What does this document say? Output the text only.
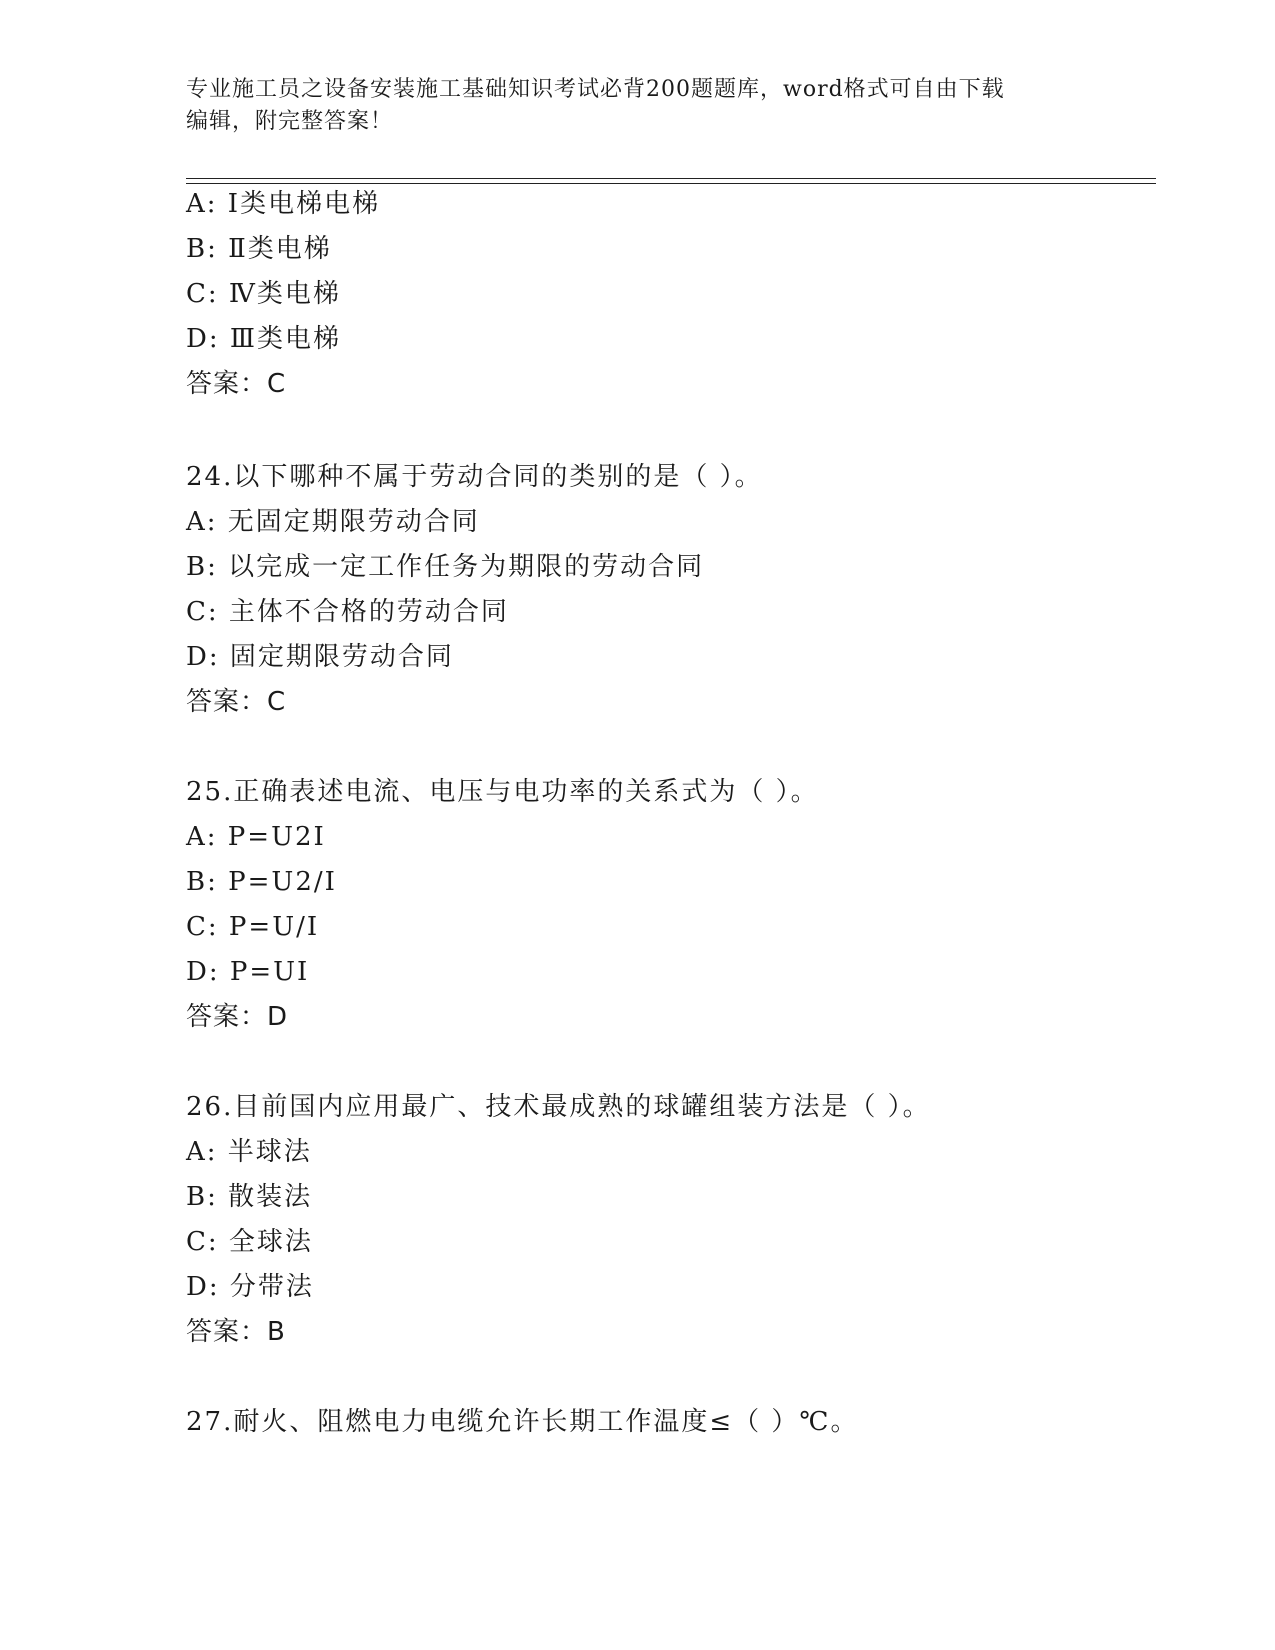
专业施工员之设备安装施工基础知识考试必背200题题库，word格式可自由下载
编辑，附完整答案！
A: Ⅰ类电梯电梯
B: Ⅱ类电梯
C: Ⅳ类电梯
D: Ⅲ类电梯
答案：C
24.以下哪种不属于劳动合同的类别的是（ ）。
A: 无固定期限劳动合同
B: 以完成一定工作任务为期限的劳动合同
C: 主体不合格的劳动合同
D: 固定期限劳动合同
答案：C
25.正确表述电流、电压与电功率的关系式为（ ）。
A: P=U2I
B: P=U2/I
C: P=U/I
D: P=UI
答案：D
26.目前国内应用最广、技术最成熟的球罐组装方法是（ ）。
A: 半球法
B: 散装法
C: 全球法
D: 分带法
答案：B
27.耐火、阻燃电力电缆允许长期工作温度≤（ ）℃。
